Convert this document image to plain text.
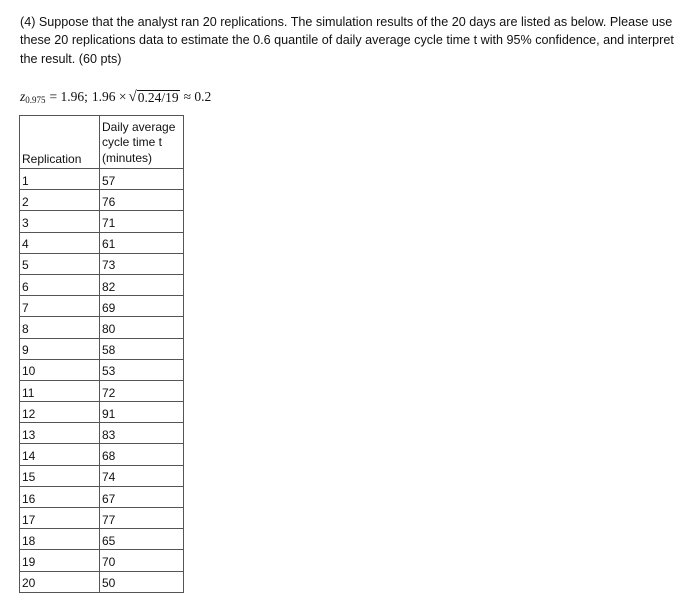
(4) Suppose that the analyst ran 20 replications. The simulation results of the 20 days are listed as below. Please use
these 20 replications data to estimate the 0.6 quantile of daily average cycle time t with 95% confidence, and interpret
the result. (60 pts)
$z_{0.975} = 1.96$; 1.96 × √ 0.24/19 ≈ 0.2
Replication	Daily average
cycle time t
(minutes)

1	57
2	76
3	71
4	61
5	73
6	82
7	69
8	80
9	58
10	53
11	72
12	91
13	83
14	68
15	74
16	67
17	77
18	65
19	70
20	50
